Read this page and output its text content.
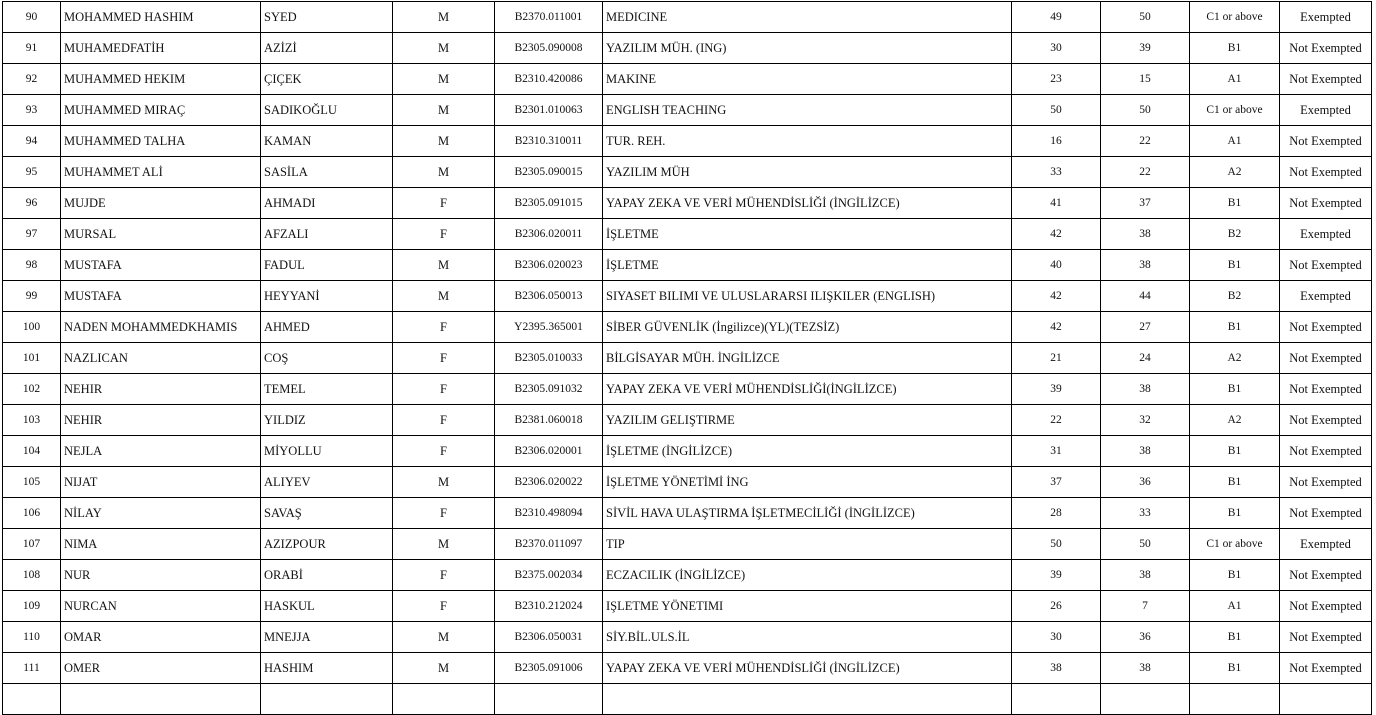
90	MOHAMMED HASHIM	SYED	M	B2370.011001	MEDICINE	49	50	C1 or above	Exempted
91	MUHAMEDFATİH	AZİZİ	M	B2305.090008	YAZILIM MÜH. (ING)	30	39	B1	Not Exempted
92	MUHAMMED HEKIM	ÇIÇEK	M	B2310.420086	MAKINE	23	15	A1	Not Exempted
93	MUHAMMED MIRAÇ	SADIKOĞLU	M	B2301.010063	ENGLISH TEACHING	50	50	C1 or above	Exempted
94	MUHAMMED TALHA	KAMAN	M	B2310.310011	TUR. REH.	16	22	A1	Not Exempted
95	MUHAMMET ALİ	SASİLA	M	B2305.090015	YAZILIM MÜH	33	22	A2	Not Exempted
96	MUJDE	AHMADI	F	B2305.091015	YAPAY ZEKA VE VERİ MÜHENDİSLİĞİ (İNGİLİZCE)	41	37	B1	Not Exempted
97	MURSAL	AFZALI	F	B2306.020011	İŞLETME	42	38	B2	Exempted
98	MUSTAFA	FADUL	M	B2306.020023	İŞLETME	40	38	B1	Not Exempted
99	MUSTAFA	HEYYANİ	M	B2306.050013	SIYASET BILIMI VE ULUSLARARSI ILIŞKILER (ENGLISH)	42	44	B2	Exempted
100	NADEN MOHAMMEDKHAMIS	AHMED	F	Y2395.365001	SİBER GÜVENLİK (İngilizce)(YL)(TEZSİZ)	42	27	B1	Not Exempted
101	NAZLICAN	COŞ	F	B2305.010033	BİLGİSAYAR MÜH. İNGİLİZCE	21	24	A2	Not Exempted
102	NEHIR	TEMEL	F	B2305.091032	YAPAY ZEKA VE VERİ MÜHENDİSLİĞİ(İNGİLİZCE)	39	38	B1	Not Exempted
103	NEHIR	YILDIZ	F	B2381.060018	YAZILIM GELIŞTIRME	22	32	A2	Not Exempted
104	NEJLA	MİYOLLU	F	B2306.020001	İŞLETME (İNGİLİZCE)	31	38	B1	Not Exempted
105	NIJAT	ALIYEV	M	B2306.020022	İŞLETME YÖNETİMİ İNG	37	36	B1	Not Exempted
106	NİLAY	SAVAŞ	F	B2310.498094	SİVİL HAVA ULAŞTIRMA İŞLETMECİLİĞİ (İNGİLİZCE)	28	33	B1	Not Exempted
107	NIMA	AZIZPOUR	M	B2370.011097	TIP	50	50	C1 or above	Exempted
108	NUR	ORABİ	F	B2375.002034	ECZACILIK (İNGİLİZCE)	39	38	B1	Not Exempted
109	NURCAN	HASKUL	F	B2310.212024	IŞLETME YÖNETIMI	26	7	A1	Not Exempted
110	OMAR	MNEJJA	M	B2306.050031	SİY.BİL.ULS.İL	30	36	B1	Not Exempted
111	OMER	HASHIM	M	B2305.091006	YAPAY ZEKA VE VERİ MÜHENDİSLİĞİ (İNGİLİZCE)	38	38	B1	Not Exempted
